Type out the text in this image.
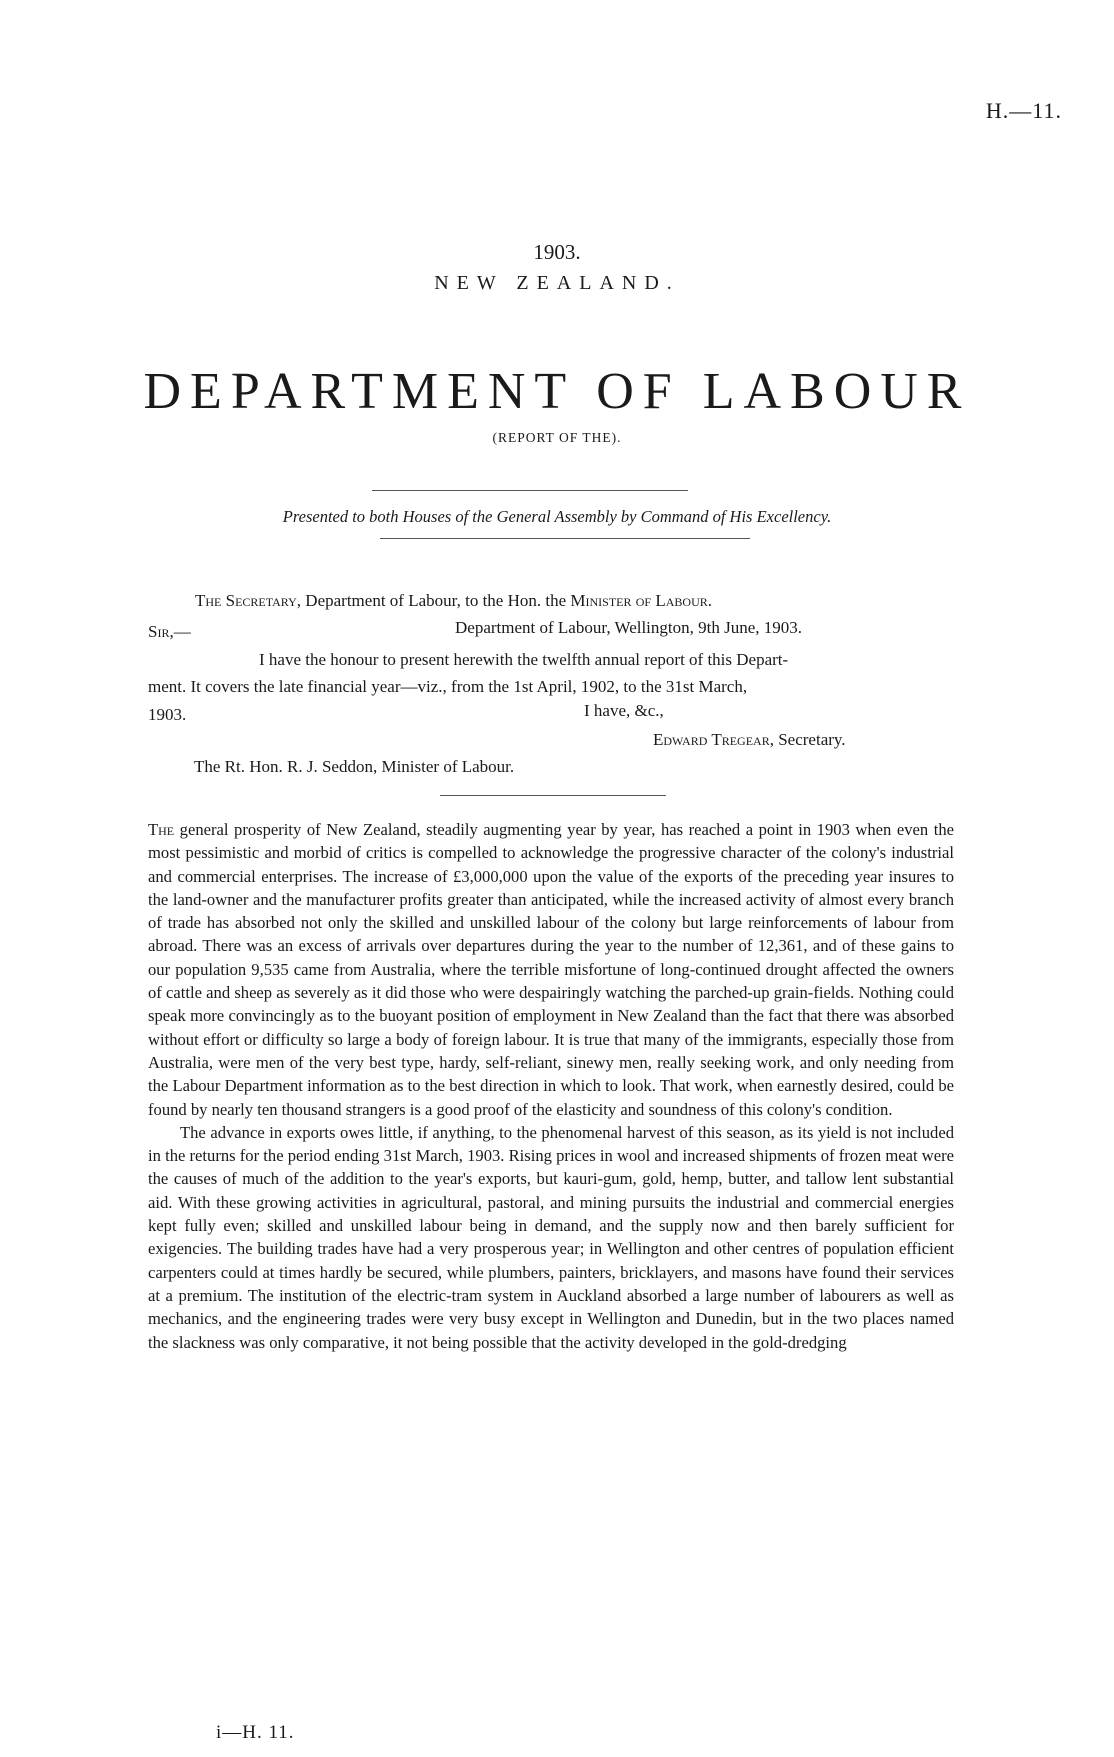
H.—11.
1903.
NEW ZEALAND.
DEPARTMENT OF LABOUR
(REPORT OF THE).
Presented to both Houses of the General Assembly by Command of His Excellency.
The Secretary, Department of Labour, to the Hon. the Minister of Labour.
Sir,—	Department of Labour, Wellington, 9th June, 1903.
I have the honour to present herewith the twelfth annual report of this Depart-
ment. It covers the late financial year—viz., from the 1st April, 1902, to the 31st March,
1903.	I have, &c.,
Edward Tregear, Secretary.
The Rt. Hon. R. J. Seddon, Minister of Labour.

The general prosperity of New Zealand, steadily augmenting year by year, has reached a point in 1903 when even the most pessimistic and morbid of critics is compelled to acknowledge the progressive character of the colony's industrial and commercial enterprises. The increase of £3,000,000 upon the value of the exports of the preceding year insures to the land-owner and the manufacturer profits greater than anticipated, while the increased activity of almost every branch of trade has absorbed not only the skilled and unskilled labour of the colony but large reinforcements of labour from abroad. There was an excess of arrivals over departures during the year to the number of 12,361, and of these gains to our population 9,535 came from Australia, where the terrible misfortune of long-continued drought affected the owners of cattle and sheep as severely as it did those who were despairingly watching the parched-up grain-fields. Nothing could speak more convincingly as to the buoyant position of employment in New Zealand than the fact that there was absorbed without effort or difficulty so large a body of foreign labour. It is true that many of the immigrants, especially those from Australia, were men of the very best type, hardy, self-reliant, sinewy men, really seeking work, and only needing from the Labour Department information as to the best direction in which to look. That work, when earnestly desired, could be found by nearly ten thousand strangers is a good proof of the elasticity and soundness of this colony's condition.

The advance in exports owes little, if anything, to the phenomenal harvest of this season, as its yield is not included in the returns for the period ending 31st March, 1903. Rising prices in wool and increased shipments of frozen meat were the causes of much of the addition to the year's exports, but kauri-gum, gold, hemp, butter, and tallow lent substantial aid. With these growing activities in agricultural, pastoral, and mining pursuits the industrial and commercial energies kept fully even; skilled and unskilled labour being in demand, and the supply now and then barely sufficient for exigencies. The building trades have had a very prosperous year; in Wellington and other centres of population efficient carpenters could at times hardly be secured, while plumbers, painters, bricklayers, and masons have found their services at a premium. The institution of the electric-tram system in Auckland absorbed a large number of labourers as well as mechanics, and the engineering trades were very busy except in Wellington and Dunedin, but in the two places named the slackness was only comparative, it not being possible that the activity developed in the gold-dredging

i—H. 11.
